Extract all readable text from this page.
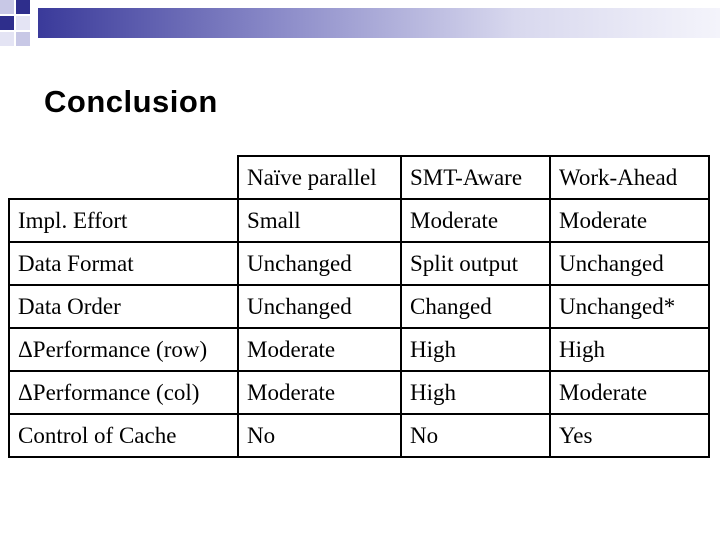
Conclusion
	Naïve parallel	SMT-Aware	Work-Ahead
Impl. Effort	Small	Moderate	Moderate
Data Format	Unchanged	Split output	Unchanged
Data Order	Unchanged	Changed	Unchanged*
ΔPerformance (row)	Moderate	High	High
ΔPerformance (col)	Moderate	High	Moderate
Control of Cache	No	No	Yes
